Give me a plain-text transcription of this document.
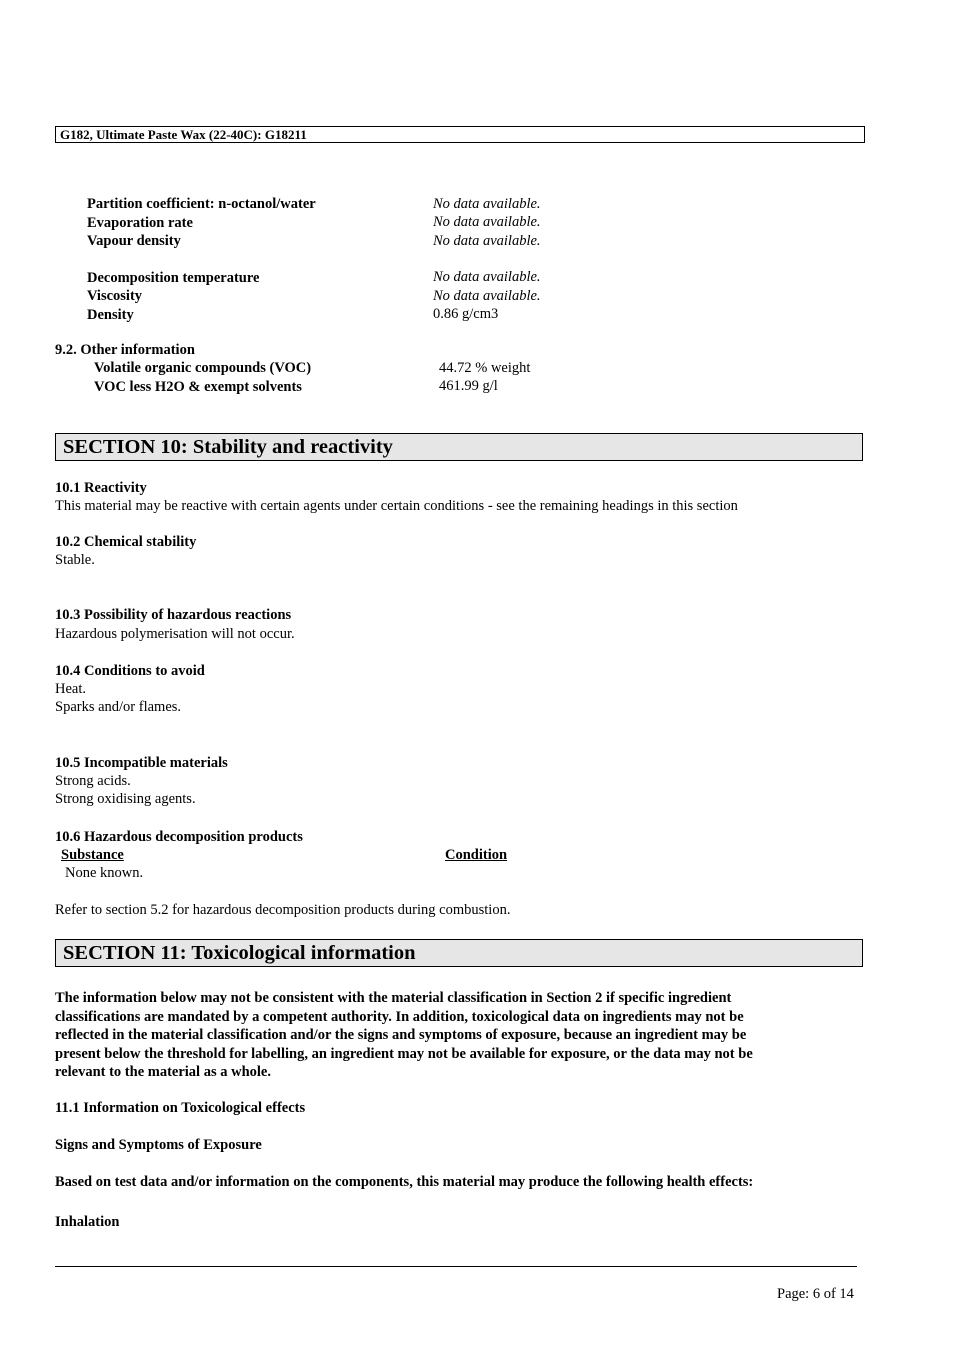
G182, Ultimate Paste Wax (22-40C): G18211
Partition coefficient: n-octanol/water	No data available.
Evaporation rate	No data available.
Vapour density	No data available.
Decomposition temperature	No data available.
Viscosity	No data available.
Density	0.86 g/cm3
9.2. Other information
Volatile organic compounds (VOC)	44.72 % weight
VOC less H2O & exempt solvents	461.99 g/l
SECTION 10: Stability and reactivity
10.1 Reactivity
This material may be reactive with certain agents under certain conditions - see the remaining headings in this section
10.2 Chemical stability
Stable.
10.3 Possibility of hazardous reactions
Hazardous polymerisation will not occur.
10.4 Conditions to avoid
Heat.
Sparks and/or flames.
10.5 Incompatible materials
Strong acids.
Strong oxidising agents.
10.6 Hazardous decomposition products
Substance	Condition
None known.
Refer to section 5.2 for hazardous decomposition products during combustion.
SECTION 11: Toxicological information
The information below may not be consistent with the material classification in Section 2 if specific ingredient
classifications are mandated by a competent authority. In addition, toxicological data on ingredients may not be
reflected in the material classification and/or the signs and symptoms of exposure, because an ingredient may be
present below the threshold for labelling, an ingredient may not be available for exposure, or the data may not be
relevant to the material as a whole.
11.1 Information on Toxicological effects
Signs and Symptoms of Exposure
Based on test data and/or information on the components, this material may produce the following health effects:
Inhalation
Page: 6 of 14
